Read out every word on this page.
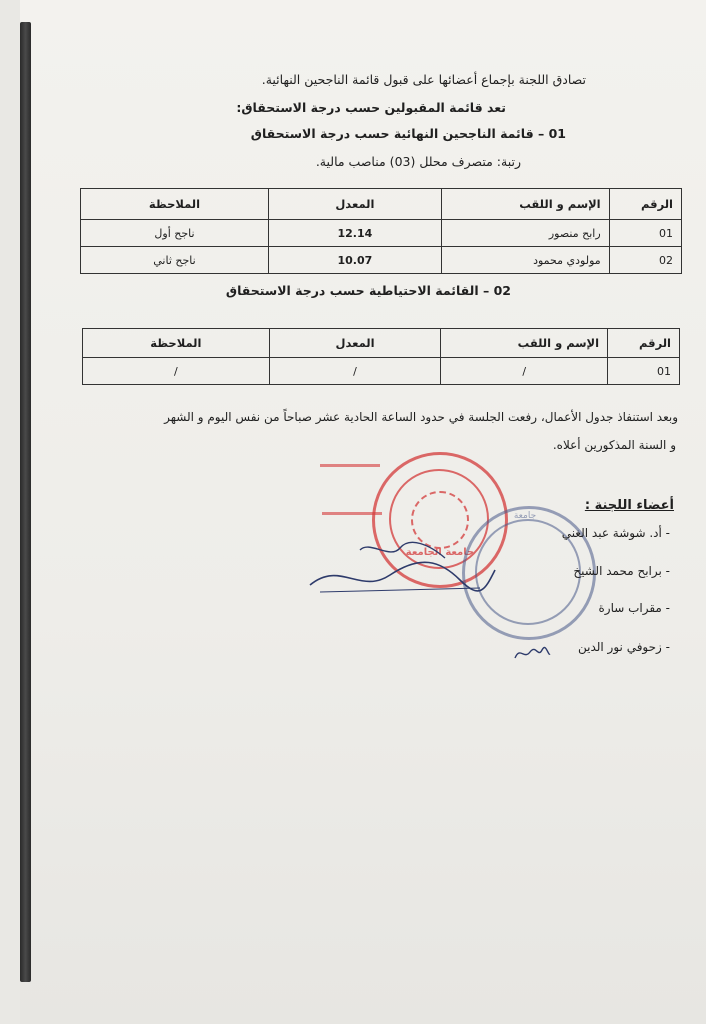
تصادق اللجنة بإجماع أعضائها على قبول قائمة الناجحين النهائية.
تعد قائمة المقبولين حسب درجة الاستحقاق:
01 – قائمة الناجحين النهائية حسب درجة الاستحقاق
رتبة: متصرف محلل (03) مناصب مالية.
الرقم	الإسم و اللقب	المعدل	الملاحظة
01	رابح منصور	12.14	ناجح أول
02	مولودي محمود	10.07	ناجح ثاني
02 – القائمة الاحتياطية حسب درجة الاستحقاق
الرقم	الإسم و اللقب	المعدل	الملاحظة
01	/	/	/
وبعد استنفاذ جدول الأعمال، رفعت الجلسة في حدود الساعة الحادية عشر صباحاً من نفس اليوم و الشهر
و السنة المذكورين أعلاه.
جامعة الجامعة
جامعة
أعضاء اللجنة :
- أد. شوشة عبد الغني
- برابح محمد الشيخ
- مقراب سارة
- زحوفي نور الدين
